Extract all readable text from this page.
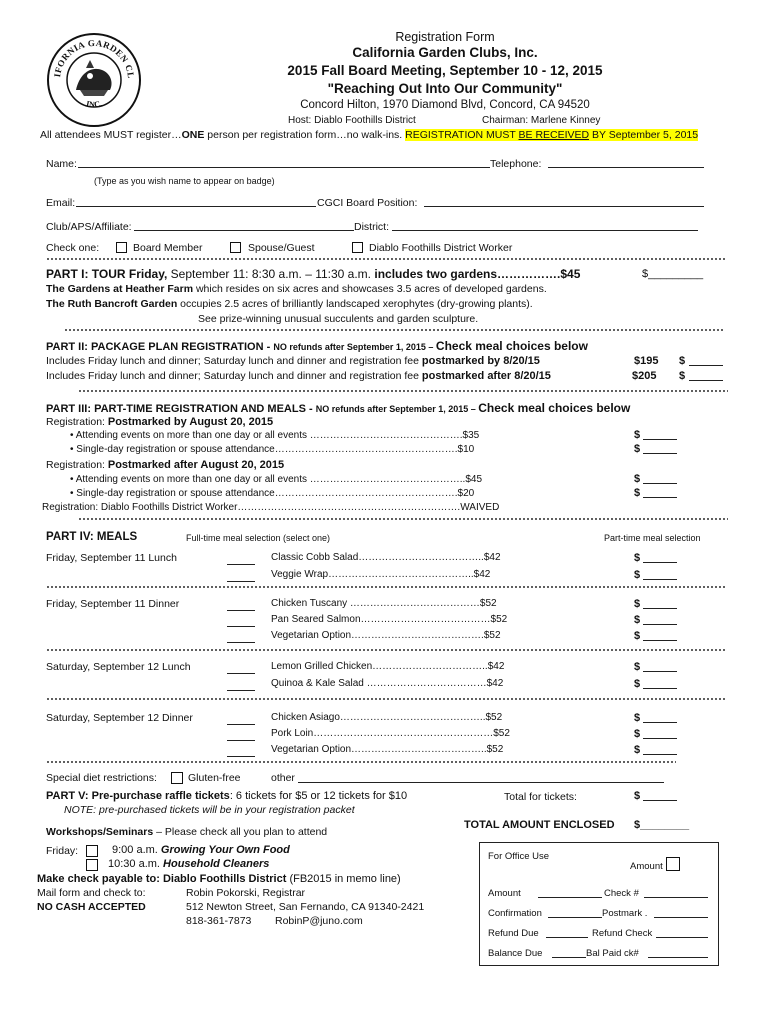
IFORNIA GARDEN CL
INC.
Registration Form
California Garden Clubs, Inc.
2015 Fall Board Meeting, September 10 - 12, 2015
"Reaching Out Into Our Community"
Concord Hilton, 1970 Diamond Blvd, Concord, CA 94520
Host: Diablo Foothills District	Chairman: Marlene Kinney
All attendees MUST register…ONE person per registration form…no walk-ins. REGISTRATION MUST BE RECEIVED BY September 5, 2015
Name:	Telephone:
(Type as you wish name to appear on badge)
Email:	CGCI Board Position:
Club/APS/Affiliate:	District:
Check one:	Board Member	Spouse/Guest	Diablo Foothills District Worker
PART I: TOUR Friday, September 11: 8:30 a.m. – 11:30 a.m. includes two gardens…………….$45	$_________
The Gardens at Heather Farm which resides on six acres and showcases 3.5 acres of developed gardens.
The Ruth Bancroft Garden occupies 2.5 acres of brilliantly landscaped xerophytes (dry-growing plants).
See prize-winning unusual succulents and garden sculpture.
PART II: PACKAGE PLAN REGISTRATION - NO refunds after September 1, 2015 – Check meal choices below
Includes Friday lunch and dinner; Saturday lunch and dinner and registration fee postmarked by 8/20/15	$195 $
Includes Friday lunch and dinner; Saturday lunch and dinner and registration fee postmarked after 8/20/15	$205 $
PART III: PART-TIME REGISTRATION AND MEALS - NO refunds after September 1, 2015 – Check meal choices below
Registration: Postmarked by August 20, 2015
• Attending events on more than one day or all events ……………………………………….$35
• Single-day registration or spouse attendance……………………………………………….$10
Registration: Postmarked after August 20, 2015
• Attending events on more than one day or all events ………………………………………..$45
• Single-day registration or spouse attendance……………………………………………….$20
Registration: Diablo Foothills District Worker………………………………………………………….WAIVED
$
$
$
$
PART IV: MEALS	Full-time meal selection (select one)	Part-time meal selection
Friday, September 11 Lunch	Classic Cobb Salad………………………………..$42	$
Veggie Wrap……………………………………..$42	$
Friday, September 11 Dinner	Chicken Tuscany …………………………………$52	$
Pan Seared Salmon…………………………………$52	$
Vegetarian Option………………………………….$52	$
Saturday, September 12 Lunch	Lemon Grilled Chicken……………………………..$42	$
Quinoa & Kale Salad ………………………………$42	$
Saturday, September 12 Dinner	Chicken Asiago……………………………………..$52	$
Pork Loin………………………………………………$52	$
Vegetarian Option…………………………………..$52	$
Special diet restrictions:	Gluten-free	other
PART V: Pre-purchase raffle tickets: 6 tickets for $5 or 12 tickets for $10	Total for tickets:	$
NOTE: pre-purchased tickets will be in your registration packet
TOTAL AMOUNT ENCLOSED $________
Workshops/Seminars – Please check all you plan to attend
Friday:	9:00 a.m. Growing Your Own Food
10:30 a.m. Household Cleaners
Make check payable to: Diablo Foothills District (FB2015 in memo line)
Mail form and check to:
NO CASH ACCEPTED
Robin Pokorski, Registrar
512 Newton Street, San Fernando, CA 91340-2421
818-361-7873 RobinP@juno.com
For Office Use
Amount
Amount	Check #
Confirmation	Postmark .
Refund Due	Refund Check
Balance Due	Bal Paid ck#
